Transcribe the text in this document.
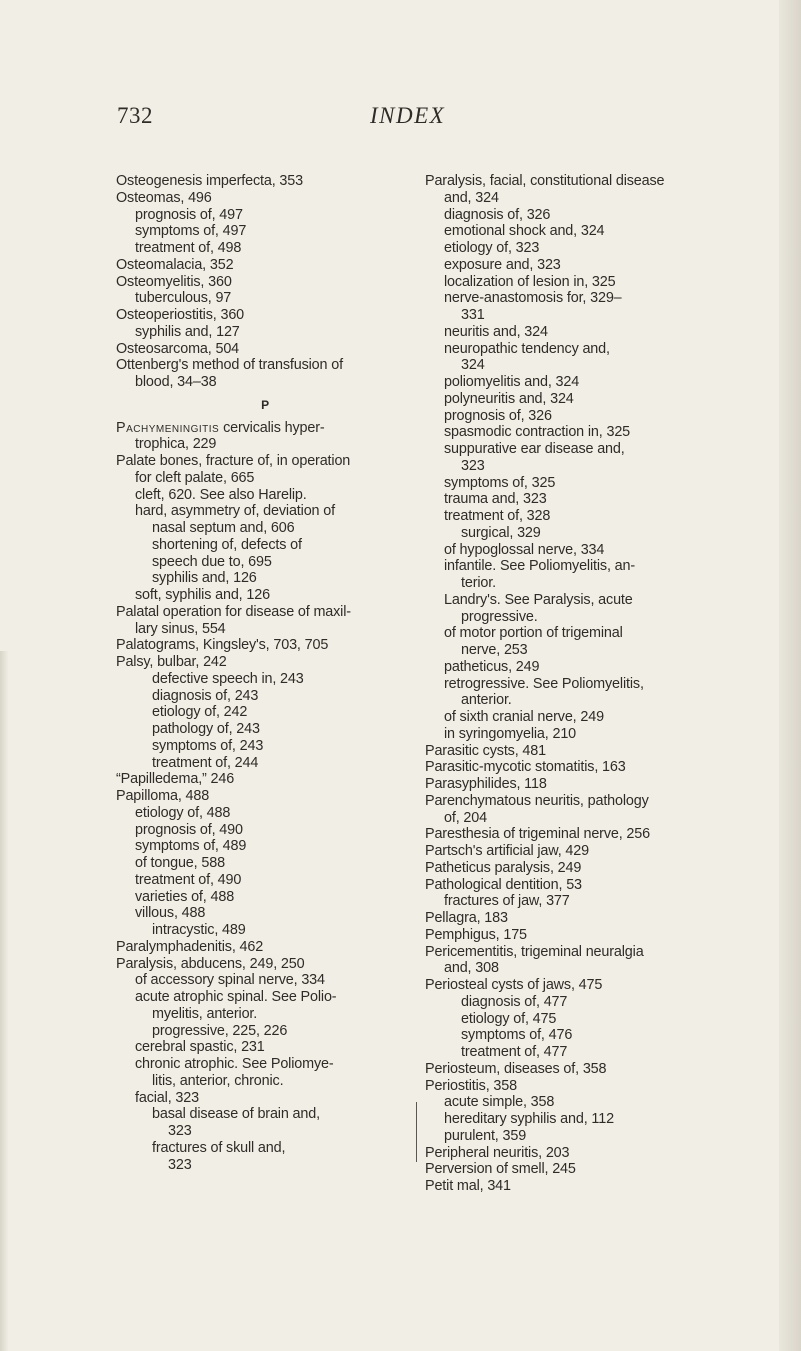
732	INDEX
Osteogenesis imperfecta, 353
Osteomas, 496
prognosis of, 497
symptoms of, 497
treatment of, 498
Osteomalacia, 352
Osteomyelitis, 360
tuberculous, 97
Osteoperiostitis, 360
syphilis and, 127
Osteosarcoma, 504
Ottenberg's method of transfusion of
blood, 34–38
P
Pachymeningitis cervicalis hyper-
trophica, 229
Palate bones, fracture of, in operation
for cleft palate, 665
cleft, 620. See also Harelip.
hard, asymmetry of, deviation of
nasal septum and, 606
shortening of, defects of
speech due to, 695
syphilis and, 126
soft, syphilis and, 126
Palatal operation for disease of maxil-
lary sinus, 554
Palatograms, Kingsley's, 703, 705
Palsy, bulbar, 242
defective speech in, 243
diagnosis of, 243
etiology of, 242
pathology of, 243
symptoms of, 243
treatment of, 244
“Papilledema,” 246
Papilloma, 488
etiology of, 488
prognosis of, 490
symptoms of, 489
of tongue, 588
treatment of, 490
varieties of, 488
villous, 488
intracystic, 489
Paralymphadenitis, 462
Paralysis, abducens, 249, 250
of accessory spinal nerve, 334
acute atrophic spinal. See Polio-
myelitis, anterior.
progressive, 225, 226
cerebral spastic, 231
chronic atrophic. See Poliomye-
litis, anterior, chronic.
facial, 323
basal disease of brain and,
323
fractures of skull and,
323
Paralysis, facial, constitutional disease
and, 324
diagnosis of, 326
emotional shock and, 324
etiology of, 323
exposure and, 323
localization of lesion in, 325
nerve-anastomosis for, 329–
331
neuritis and, 324
neuropathic tendency and,
324
poliomyelitis and, 324
polyneuritis and, 324
prognosis of, 326
spasmodic contraction in, 325
suppurative ear disease and,
323
symptoms of, 325
trauma and, 323
treatment of, 328
surgical, 329
of hypoglossal nerve, 334
infantile. See Poliomyelitis, an-
terior.
Landry's. See Paralysis, acute
progressive.
of motor portion of trigeminal
nerve, 253
patheticus, 249
retrogressive. See Poliomyelitis,
anterior.
of sixth cranial nerve, 249
in syringomyelia, 210
Parasitic cysts, 481
Parasitic-mycotic stomatitis, 163
Parasyphilides, 118
Parenchymatous neuritis, pathology
of, 204
Paresthesia of trigeminal nerve, 256
Partsch's artificial jaw, 429
Patheticus paralysis, 249
Pathological dentition, 53
fractures of jaw, 377
Pellagra, 183
Pemphigus, 175
Pericementitis, trigeminal neuralgia
and, 308
Periosteal cysts of jaws, 475
diagnosis of, 477
etiology of, 475
symptoms of, 476
treatment of, 477
Periosteum, diseases of, 358
Periostitis, 358
acute simple, 358
hereditary syphilis and, 112
purulent, 359
Peripheral neuritis, 203
Perversion of smell, 245
Petit mal, 341
